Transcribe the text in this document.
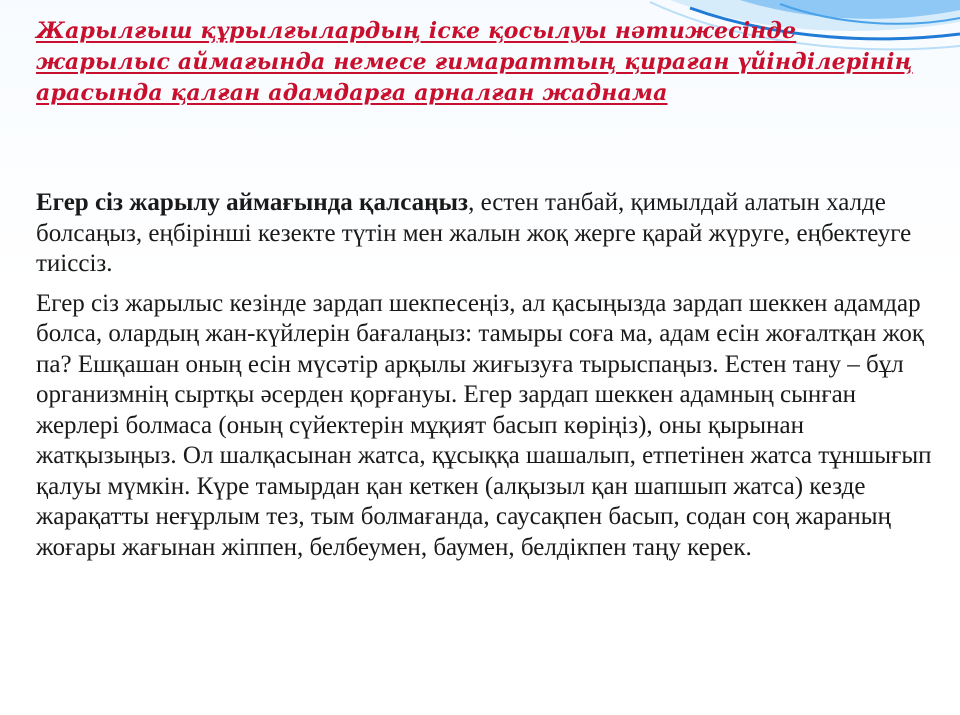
Жарылғыш құрылғылардың іске қосылуы нәтижесінде жарылыс аймағында немесе ғимараттың қираған үйінділерінің арасында қалған адамдарға арналған жаднама

Егер сіз жарылу аймағында қалсаңыз, естен танбай, қимылдай алатын халде болсаңыз, еңбірінші кезекте түтін мен жалын жоқ жерге қарай жүруге, еңбектеуге тиіссіз.

Егер сіз жарылыс кезінде зардап шекпесеңіз, ал қасыңызда зардап шеккен адамдар болса, олардың жан-күйлерін бағалаңыз: тамыры соға ма, адам есін жоғалтқан жоқ па? Ешқашан оның есін мүсәтір арқылы жиғызуға тырыспаңыз. Естен тану – бұл организмнің сыртқы әсерден қорғануы. Егер зардап шеккен адамның сынған жерлері болмаса (оның сүйектерін мұқият басып көріңіз), оны қырынан жатқызыңыз. Ол шалқасынан жатса, құсыққа шашалып, етпетінен жатса тұншығып қалуы мүмкін. Күре тамырдан қан кеткен (алқызыл қан шапшып жатса) кезде жарақатты неғұрлым тез, тым болмағанда, саусақпен басып, содан соң жараның жоғары жағынан жіппен, белбеумен, баумен, белдікпен таңу керек.
